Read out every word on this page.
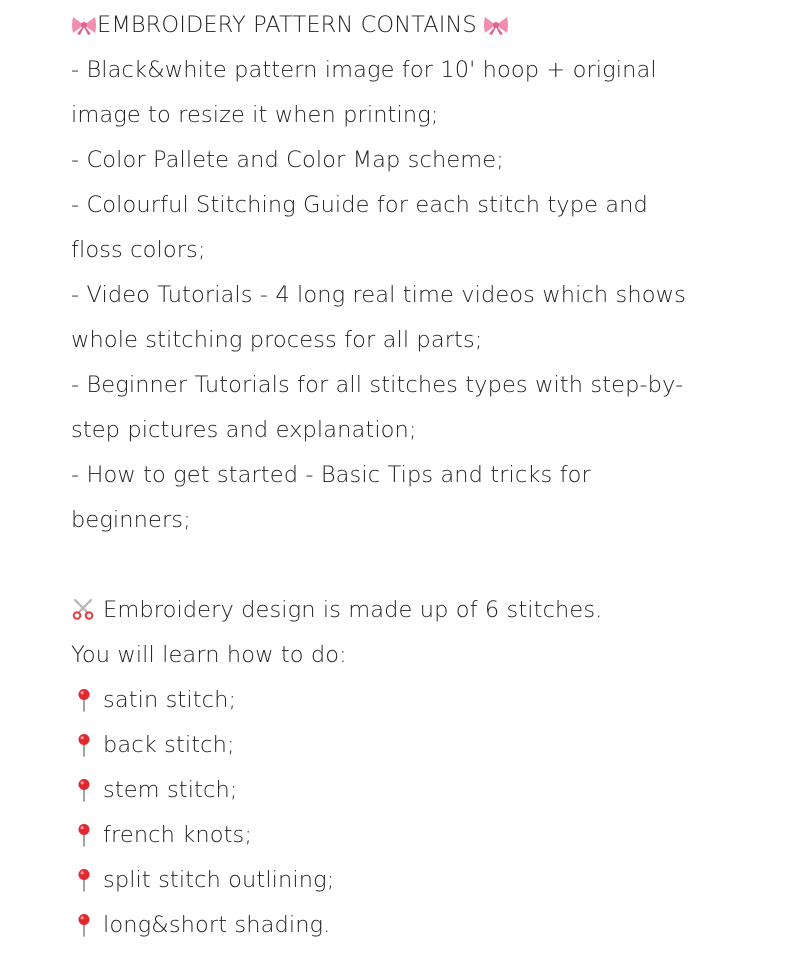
EMBROIDERY PATTERN CONTAINS
- Black&white pattern image for 10' hoop + original
image to resize it when printing;
- Color Pallete and Color Map scheme;
- Colourful Stitching Guide for each stitch type and
floss colors;
- Video Tutorials - 4 long real time videos which shows
whole stitching process for all parts;
- Beginner Tutorials for all stitches types with step-by-
step pictures and explanation;
- How to get started - Basic Tips and tricks for
beginners;
Embroidery design is made up of 6 stitches.
You will learn how to do:
satin stitch;
back stitch;
stem stitch;
french knots;
split stitch outlining;
long&short shading.
